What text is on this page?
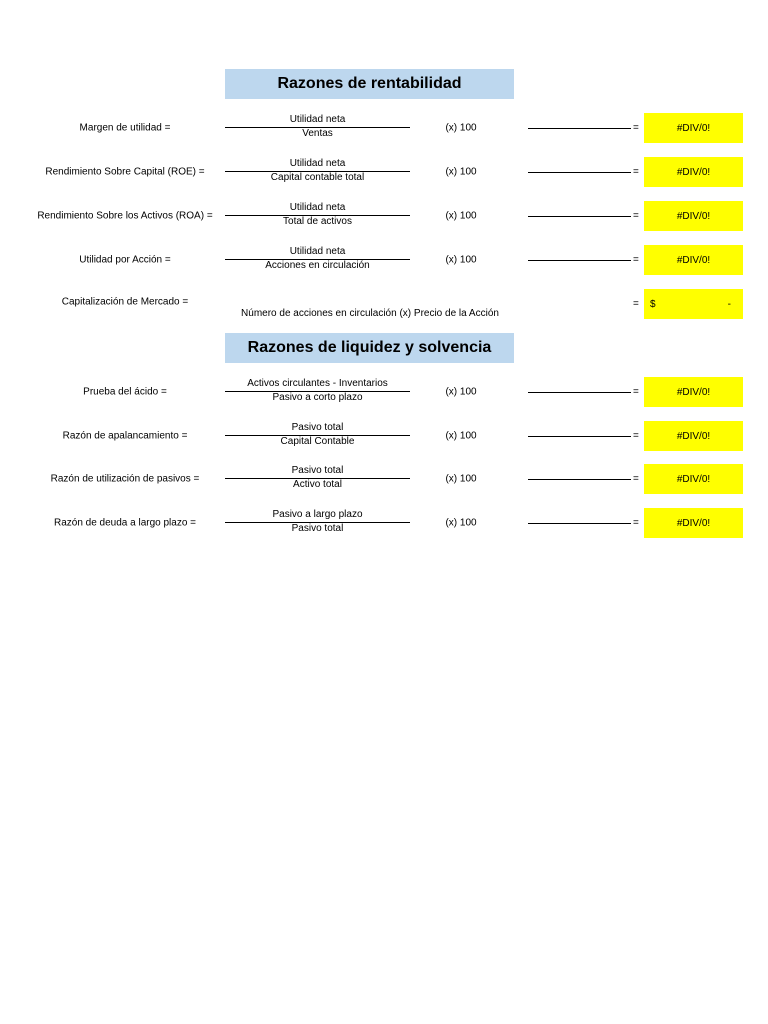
Razones de rentabilidad
Margen de utilidad =
Utilidad neta
Ventas	(x) 100	=	#DIV/0!
Rendimiento Sobre Capital (ROE) =
Utilidad neta
Capital contable total	(x) 100	=	#DIV/0!
Rendimiento Sobre los Activos (ROA) =
Utilidad neta
Total de activos	(x) 100	=	#DIV/0!
Utilidad por Acción =
Utilidad neta
Acciones en circulación	(x) 100	=	#DIV/0!
Capitalización de Mercado =
Número de acciones en circulación (x) Precio de la Acción
= $	-
Razones de liquidez y solvencia
Prueba del ácido =
Activos circulantes - Inventarios
Pasivo a corto plazo	(x) 100	=	#DIV/0!
Razón de apalancamiento =
Pasivo total
Capital Contable	(x) 100	=	#DIV/0!
Razón de utilización de pasivos =
Pasivo total
Activo total	(x) 100	=	#DIV/0!
Razón de deuda a largo plazo =
Pasivo a largo plazo
Pasivo total	(x) 100	=	#DIV/0!
